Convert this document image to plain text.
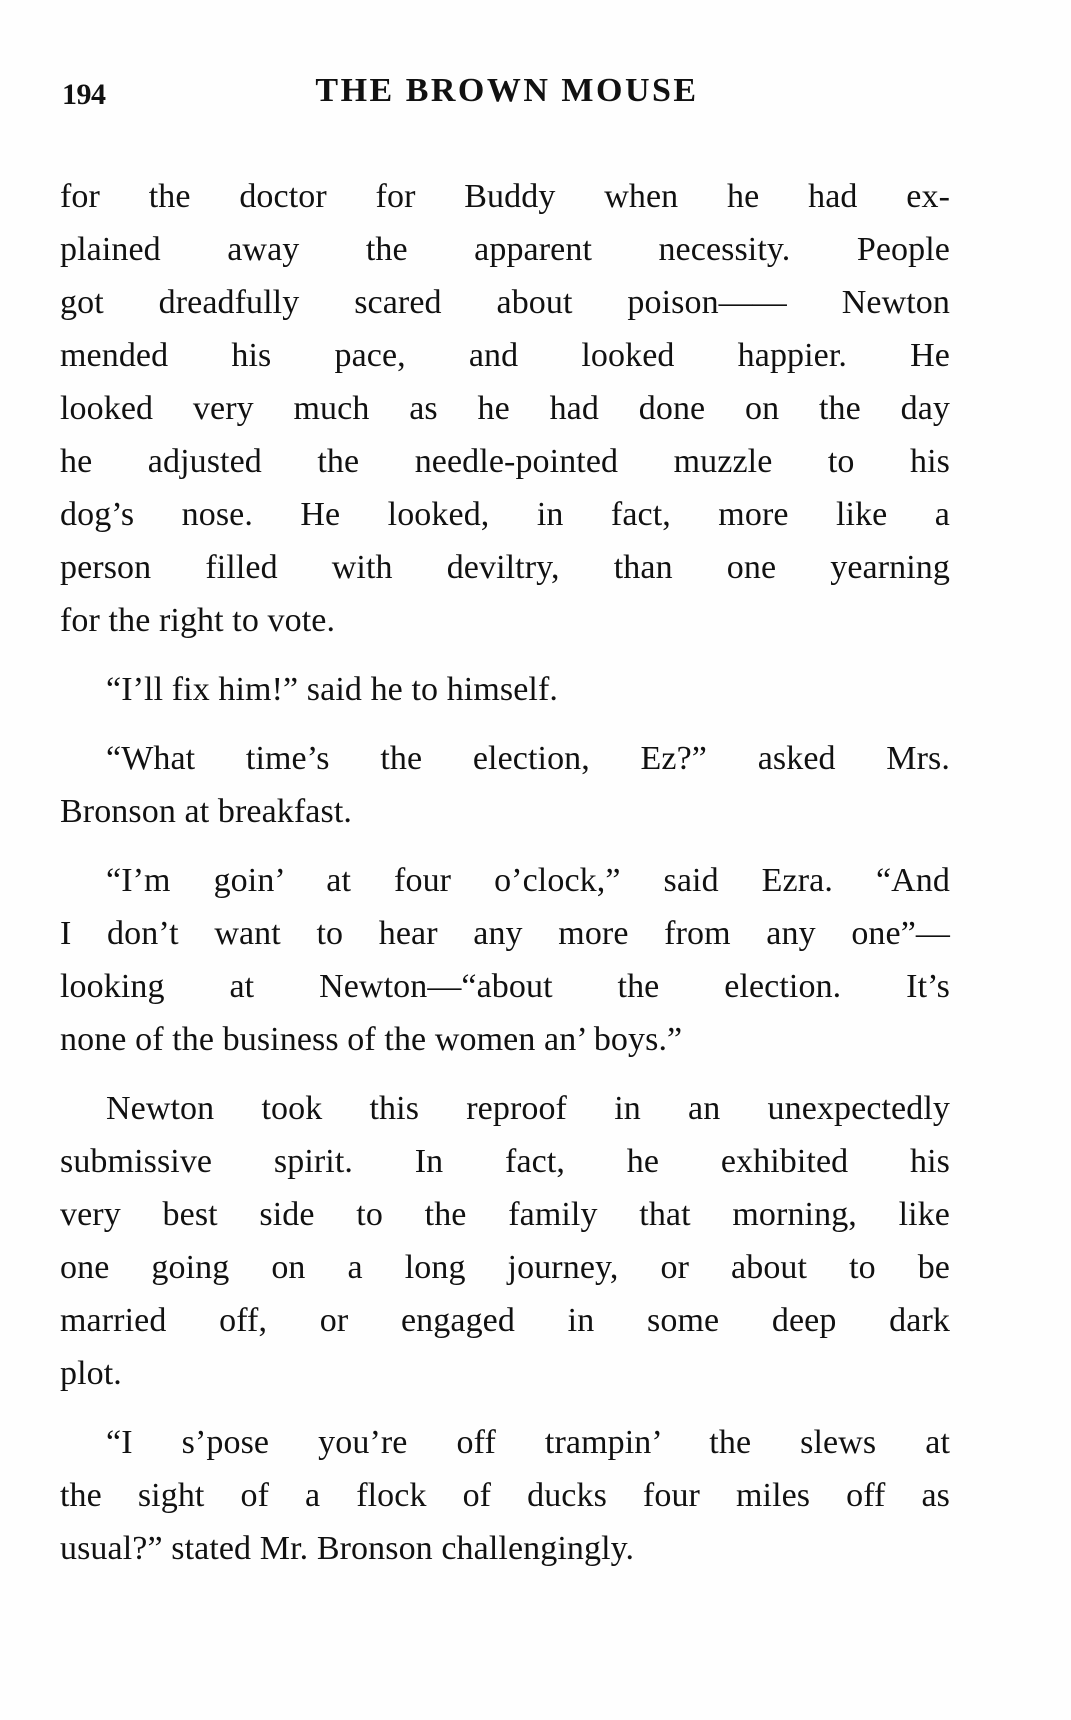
194	THE BROWN MOUSE

for the doctor for Buddy when he had ex-
plained away the apparent necessity. People
got dreadfully scared about poison—— Newton
mended his pace, and looked happier. He
looked very much as he had done on the day
he adjusted the needle-pointed muzzle to his
dog’s nose. He looked, in fact, more like a
person filled with deviltry, than one yearning
for the right to vote.

“I’ll fix him!” said he to himself.

“What time’s the election, Ez?” asked Mrs.
Bronson at breakfast.

“I’m goin’ at four o’clock,” said Ezra. “And
I don’t want to hear any more from any one”—
looking at Newton—“about the election. It’s
none of the business of the women an’ boys.”

Newton took this reproof in an unexpectedly
submissive spirit. In fact, he exhibited his
very best side to the family that morning, like
one going on a long journey, or about to be
married off, or engaged in some deep dark
plot.

“I s’pose you’re off trampin’ the slews at
the sight of a flock of ducks four miles off as
usual?” stated Mr. Bronson challengingly.
